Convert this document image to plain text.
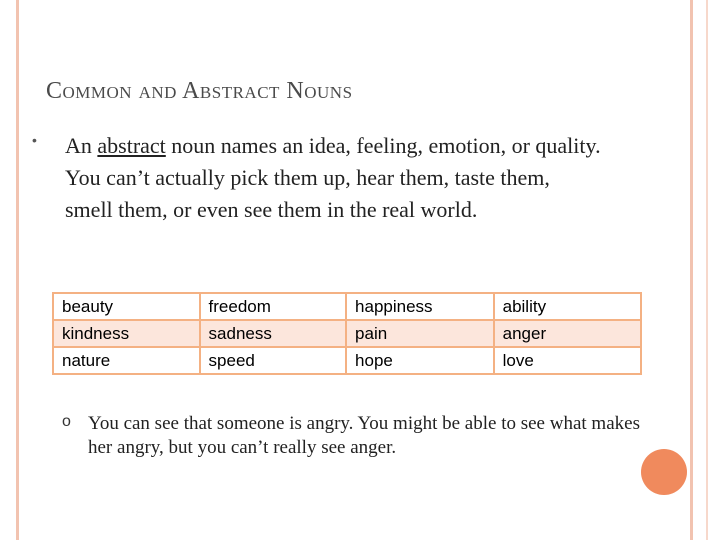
Common and Abstract Nouns
• An abstract noun names an idea, feeling, emotion, or quality. You can’t actually pick them up, hear them, taste them, smell them, or even see them in the real world.
beauty	freedom	happiness	ability
kindness	sadness	pain	anger
nature	speed	hope	love
o You can see that someone is angry. You might be able to see what makes her angry, but you can’t really see anger.
